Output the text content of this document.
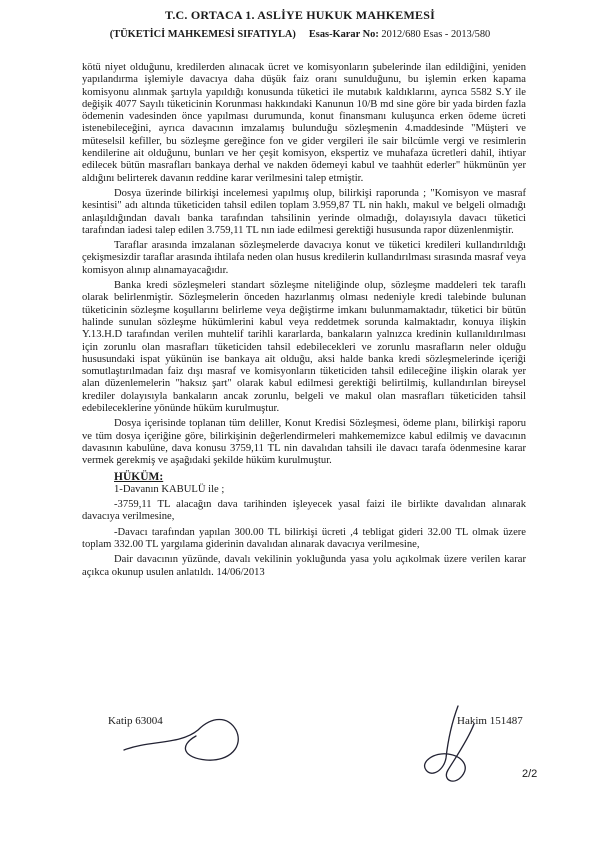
T.C. ORTACA 1. ASLİYE HUKUK MAHKEMESİ
(TÜKETİCİ MAHKEMESİ SIFATIYLA) Esas-Karar No: 2012/680 Esas - 2013/580

kötü niyet olduğunu, kredilerden alınacak ücret ve komisyonların şubelerinde ilan edildiğini, yeniden yapılandırma işlemiyle davacıya daha düşük faiz oranı sunulduğunu, bu işlemin erken kapama komisyonu alınmak şartıyla yapıldığı konusunda tüketici ile mutabık kaldıklarını, ayrıca 5582 S.Y ile değişik 4077 Sayılı tüketicinin Korunması hakkındaki Kanunun 10/B md sine göre bir yada birden fazla ödemenin vadesinden önce yapılması durumunda, konut finansmanı kuluşunca erken ödeme ücreti istenebileceğini, ayrıca davacının imzalamış bulunduğu sözleşmenin 4.maddesinde "Müşteri ve müteselsil kefiller, bu sözleşme gereğince fon ve gider vergileri ile sair bilcümle vergi ve resimlerin kendilerine ait olduğunu, bunları ve her çeşit komisyon, ekspertiz ve muhafaza ücretleri dahil, ihtiyar edilecek bütün masrafları bankaya derhal ve nakden ödemeyi kabul ve taahhüt ederler" hükmünün yer aldığını belirterek davanın reddine karar verilmesini talep etmiştir.

Dosya üzerinde bilirkişi incelemesi yapılmış olup, bilirkişi raporunda ; "Komisyon ve masraf kesintisi" adı altında tüketiciden tahsil edilen toplam 3.959,87 TL nin haklı, makul ve belgeli olmadığı anlaşıldığından davalı banka tarafından tahsilinin yerinde olmadığı, dolayısıyla davacı tüketici tarafından iadesi talep edilen 3.759,11 TL nın iade edilmesi gerektiği hususunda rapor düzenlenmiştir.

Taraflar arasında imzalanan sözleşmelerde davacıya konut ve tüketici kredileri kullandırıldığı çekişmesizdir taraflar arasında ihtilafa neden olan husus kredilerin kullandırılması sırasında masraf veya komisyon alınıp alınamayacağıdır.

Banka kredi sözleşmeleri standart sözleşme niteliğinde olup, sözleşme maddeleri tek taraflı olarak belirlenmiştir. Sözleşmelerin önceden hazırlanmış olması nedeniyle kredi talebinde bulunan tüketicinin sözleşme koşullarını belirleme veya değiştirme imkanı bulunmamaktadır, tüketici bir bütün halinde sunulan sözleşme hükümlerini kabul veya reddetmek sorunda kalmaktadır, konuya ilişkin Y.13.H.D tarafından verilen muhtelif tarihli kararlarda, bankaların yalnızca kredinin kullanıldırılması için zorunlu olan masrafları tüketiciden tahsil edebilecekleri ve zorunlu masrafların neler olduğu hususundaki ispat yükünün ise bankaya ait olduğu, aksi halde banka kredi sözleşmelerinde içeriği somutlaştırılmadan faiz dışı masraf ve komisyonların tüketiciden tahsil edileceğine ilişkin olarak yer alan düzenlemelerin "haksız şart" olarak kabul edilmesi gerektiği belirtilmiş, kullandırılan bireysel krediler dolayısıyla bankaların ancak zorunlu, belgeli ve makul olan masrafları tüketiciden tahsil edebileceklerine yönünde hüküm kurulmuştur.

Dosya içerisinde toplanan tüm deliller, Konut Kredisi Sözleşmesi, ödeme planı, bilirkişi raporu ve tüm dosya içeriğine göre, bilirkişinin değerlendirmeleri mahkememizce kabul edilmiş ve davacının davasının kabulüne, dava konusu 3759,11 TL nin davalıdan tahsili ile davacı tarafa ödenmesine karar vermek gerekmiş ve aşağıdaki şekilde hüküm kurulmuştur.

HÜKÜM:

1-Davanın KABULÜ ile ;

-3759,11 TL alacağın dava tarihinden işleyecek yasal faizi ile birlikte davalıdan alınarak davacıya verilmesine,

-Davacı tarafından yapılan 300.00 TL bilirkişi ücreti ,4 tebligat gideri 32.00 TL olmak üzere toplam 332.00 TL yargılama giderinin davalıdan alınarak davacıya verilmesine,

Dair davacının yüzünde, davalı vekilinin yokluğunda yasa yolu açıkolmak üzere verilen karar açıkca okunup usulen anlatıldı. 14/06/2013

Katip 63004	Hakim 151487
2/2
